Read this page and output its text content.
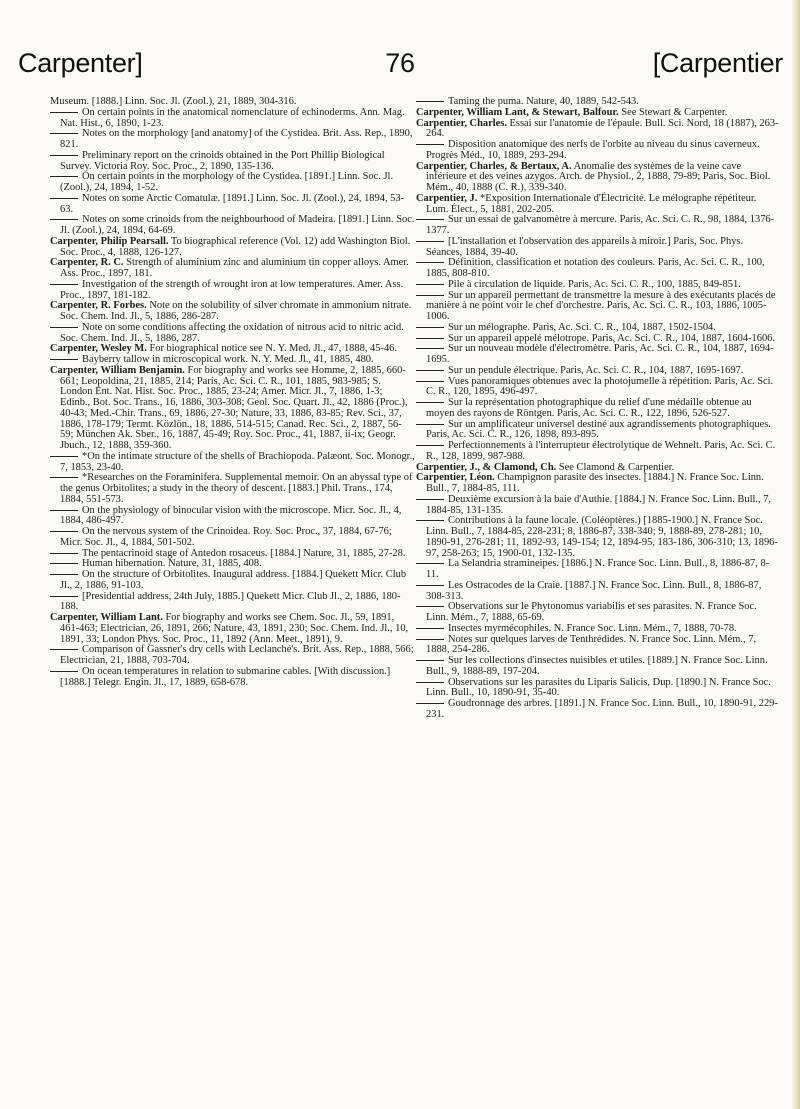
Carpenter]	76	[Carpentier

Museum. [1888.] Linn. Soc. Jl. (Zool.), 21, 1889, 304-316.

On certain points in the anatomical nomenclature of echinoderms. Ann. Mag. Nat. Hist., 6, 1890, 1-23.

Notes on the morphology [and anatomy] of the Cystidea. Brit. Ass. Rep., 1890, 821.

Preliminary report on the crinoids obtained in the Port Phillip Biological Survey. Victoria Roy. Soc. Proc., 2, 1890, 135-136.

On certain points in the morphology of the Cystidea. [1891.] Linn. Soc. Jl. (Zool.), 24, 1894, 1-52.

Notes on some Arctic Comatulæ. [1891.] Linn. Soc. Jl. (Zool.), 24, 1894, 53-63.

Notes on some crinoids from the neighbourhood of Madeira. [1891.] Linn. Soc. Jl. (Zool.), 24, 1894, 64-69.

Carpenter, Philip Pearsall. To biographical reference (Vol. 12) add Washington Biol. Soc. Proc., 4, 1888, 126-127.

Carpenter, R. C. Strength of aluminium zinc and aluminium tin copper alloys. Amer. Ass. Proc., 1897, 181.

Investigation of the strength of wrought iron at low temperatures. Amer. Ass. Proc., 1897, 181-182.

Carpenter, R. Forbes. Note on the solubility of silver chromate in ammonium nitrate. Soc. Chem. Ind. Jl., 5, 1886, 286-287.

Note on some conditions affecting the oxidation of nitrous acid to nitric acid. Soc. Chem. Ind. Jl., 5, 1886, 287.

Carpenter, Wesley M. For biographical notice see N. Y. Med. Jl., 47, 1888, 45-46.

Bayberry tallow in microscopical work. N. Y. Med. Jl., 41, 1885, 480.

Carpenter, William Benjamin. For biography and works see Homme, 2, 1885, 660-661; Leopoldina, 21, 1885, 214; Paris, Ac. Sci. C. R., 101, 1885, 983-985; S. London Ent. Nat. Hist. Soc. Proc., 1885, 23-24; Amer. Micr. Jl., 7, 1886, 1-3; Edinb., Bot. Soc. Trans., 16, 1886, 303-308; Geol. Soc. Quart. Jl., 42, 1886 (Proc.), 40-43; Med.-Chir. Trans., 69, 1886, 27-30; Nature, 33, 1886, 83-85; Rev. Sci., 37, 1886, 178-179; Termt. Közlön., 18, 1886, 514-515; Canad. Rec. Sci., 2, 1887, 56-59; München Ak. Sber., 16, 1887, 45-49; Roy. Soc. Proc., 41, 1887, ii-ix; Geogr. Jbuch., 12, 1888, 359-360.

*On the intimate structure of the shells of Brachiopoda. Palæont. Soc. Monogr., 7, 1853, 23-40.

*Researches on the Foraminifera. Supplemental memoir. On an abyssal type of the genus Orbitolites; a study in the theory of descent. [1883.] Phil. Trans., 174, 1884, 551-573.

On the physiology of binocular vision with the microscope. Micr. Soc. Jl., 4, 1884, 486-497.

On the nervous system of the Crinoidea. Roy. Soc. Proc., 37, 1884, 67-76; Micr. Soc. Jl., 4, 1884, 501-502.

The pentacrinoid stage of Antedon rosaceus. [1884.] Nature, 31, 1885, 27-28.

Human hibernation. Nature, 31, 1885, 408.

On the structure of Orbitolites. Inaugural address. [1884.] Quekett Micr. Club Jl., 2, 1886, 91-103.

[Presidential address, 24th July, 1885.] Quekett Micr. Club Jl., 2, 1886, 180-188.

Carpenter, William Lant. For biography and works see Chem. Soc. Jl., 59, 1891, 461-463; Electrician, 26, 1891, 266; Nature, 43, 1891, 230; Soc. Chem. Ind. Jl., 10, 1891, 33; London Phys. Soc. Proc., 11, 1892 (Ann. Meet., 1891), 9.

Comparison of Gassner's dry cells with Leclanché's. Brit. Ass. Rep., 1888, 566; Electrician, 21, 1888, 703-704.

On ocean temperatures in relation to submarine cables. [With discussion.] [1888.] Telegr. Engin. Jl., 17, 1889, 658-678.

Taming the puma. Nature, 40, 1889, 542-543.

Carpenter, William Lant, & Stewart, Balfour. See Stewart & Carpenter.

Carpentier, Charles. Essai sur l'anatomie de l'épaule. Bull. Sci. Nord, 18 (1887), 263-264.

Disposition anatomique des nerfs de l'orbite au niveau du sinus caverneux. Progrès Méd., 10, 1889, 293-294.

Carpentier, Charles, & Bertaux, A. Anomalie des systèmes de la veine cave inférieure et des veines azygos. Arch. de Physiol., 2, 1888, 79-89; Paris, Soc. Biol. Mém., 40, 1888 (C. R.), 339-340.

Carpentier, J. *Exposition Internationale d'Électricité. Le mélographe répétiteur. Lum. Élect., 5, 1881, 202-205.

Sur un essai de galvanomètre à mercure. Paris, Ac. Sci. C. R., 98, 1884, 1376-1377.

[L'installation et l'observation des appareils à miroir.] Paris, Soc. Phys. Séances, 1884, 39-40.

Définition, classification et notation des couleurs. Paris, Ac. Sci. C. R., 100, 1885, 808-810.

Pile à circulation de liquide. Paris, Ac. Sci. C. R., 100, 1885, 849-851.

Sur un appareil permettant de transmettre la mesure à des exécutants placés de manière à ne point voir le chef d'orchestre. Paris, Ac. Sci. C. R., 103, 1886, 1005-1006.

Sur un mélographe. Paris, Ac. Sci. C. R., 104, 1887, 1502-1504.

Sur un appareil appelé mélotrope. Paris, Ac. Sci. C. R., 104, 1887, 1604-1606.

Sur un nouveau modèle d'électromètre. Paris, Ac. Sci. C. R., 104, 1887, 1694-1695.

Sur un pendule électrique. Paris, Ac. Sci. C. R., 104, 1887, 1695-1697.

Vues panoramiques obtenues avec la photojumelle à répétition. Paris, Ac. Sci. C. R., 120, 1895, 496-497.

Sur la représentation photographique du relief d'une médaille obtenue au moyen des rayons de Röntgen. Paris, Ac. Sci. C. R., 122, 1896, 526-527.

Sur un amplificateur universel destiné aux agrandissements photographiques. Paris, Ac. Sci. C. R., 126, 1898, 893-895.

Perfectionnements à l'interrupteur électrolytique de Wehnelt. Paris, Ac. Sci. C. R., 128, 1899, 987-988.

Carpentier, J., & Clamond, Ch. See Clamond & Carpentier.

Carpentier, Léon. Champignon parasite des insectes. [1884.] N. France Soc. Linn. Bull., 7, 1884-85, 111.

Deuxième excursion à la baie d'Authie. [1884.] N. France Soc. Linn. Bull., 7, 1884-85, 131-135.

Contributions à la faune locale. (Coléoptères.) [1885-1900.] N. France Soc. Linn. Bull., 7, 1884-85, 228-231; 8, 1886-87, 338-340; 9, 1888-89, 278-281; 10, 1890-91, 276-281; 11, 1892-93, 149-154; 12, 1894-95, 183-186, 306-310; 13, 1896-97, 258-263; 15, 1900-01, 132-135.

La Selandria stramineipes. [1886.] N. France Soc. Linn. Bull., 8, 1886-87, 8-11.

Les Ostracodes de la Craie. [1887.] N. France Soc. Linn. Bull., 8, 1886-87, 308-313.

Observations sur le Phytonomus variabilis et ses parasites. N. France Soc. Linn. Mém., 7, 1888, 65-69.

Insectes myrmécophiles. N. France Soc. Linn. Mém., 7, 1888, 70-78.

Notes sur quelques larves de Tenthrédides. N. France Soc. Linn. Mém., 7, 1888, 254-286.

Sur les collections d'insectes nuisibles et utiles. [1889.] N. France Soc. Linn. Bull., 9, 1888-89, 197-204.

Observations sur les parasites du Liparis Salicis, Dup. [1890.] N. France Soc. Linn. Bull., 10, 1890-91, 35-40.

Goudronnage des arbres. [1891.] N. France Soc. Linn. Bull., 10, 1890-91, 229-231.
